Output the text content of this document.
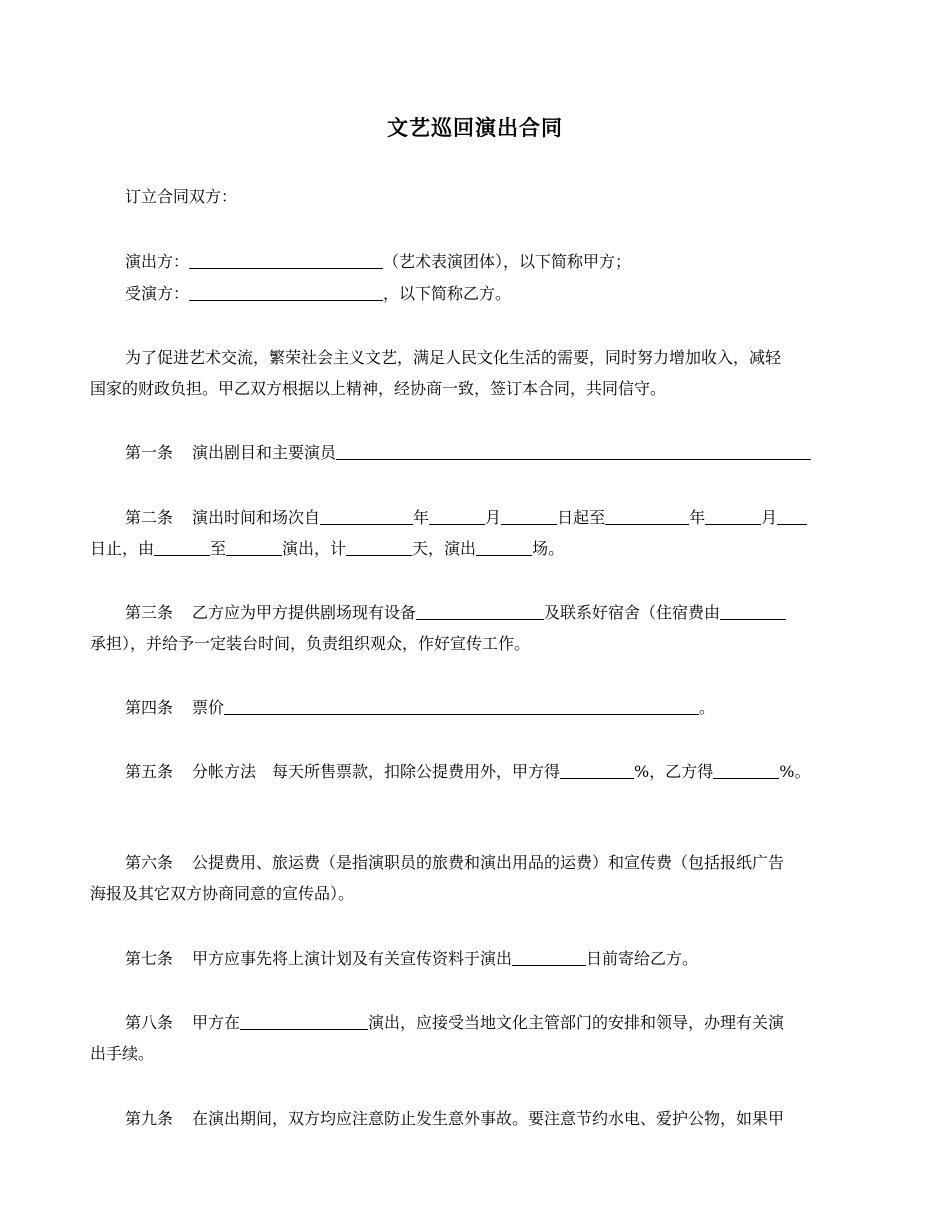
文艺巡回演出合同
订立合同双方：
演出方：	（艺术表演团体），以下简称甲方；
受演方：	，以下简称乙方。
为了促进艺术交流，繁荣社会主义文艺，满足人民文化生活的需要，同时努力增加收入，减轻
国家的财政负担。甲乙双方根据以上精神，经协商一致，签订本合同，共同信守。
第一条 演出剧目和主要演员
第二条 演出时间和场次自	年	月	日起至	年	月
日止，由	至	演出，计	天，演出	场。
第三条 乙方应为甲方提供剧场现有设备	及联系好宿舍（住宿费由
承担），并给予一定装台时间，负责组织观众，作好宣传工作。
第四条 票价	。
第五条 分帐方法　每天所售票款，扣除公提费用外，甲方得	%，乙方得	%。
第六条 公提费用、旅运费（是指演职员的旅费和演出用品的运费）和宣传费（包括报纸广告
海报及其它双方协商同意的宣传品）。
第七条 甲方应事先将上演计划及有关宣传资料于演出	日前寄给乙方。
第八条 甲方在	演出，应接受当地文化主管部门的安排和领导，办理有关演
出手续。
第九条 在演出期间，双方均应注意防止发生意外事故。要注意节约水电、爱护公物，如果甲
